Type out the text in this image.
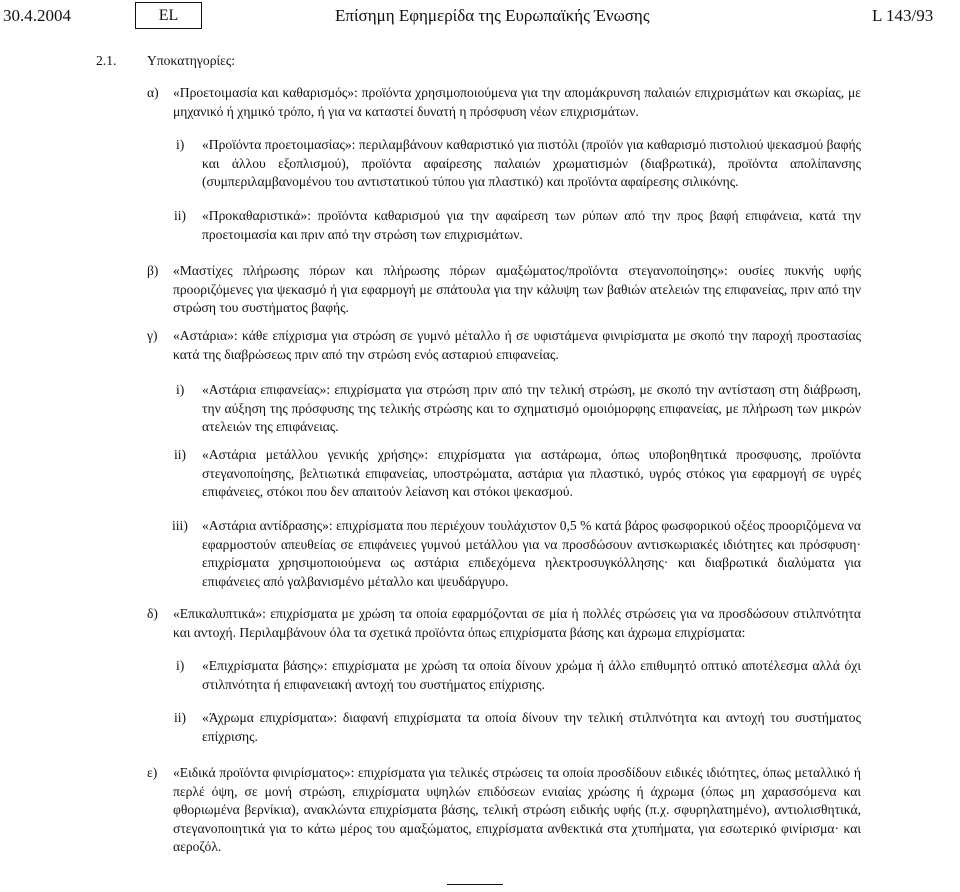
30.4.2004	EL	Επίσημη Εφημερίδα της Ευρωπαϊκής Ένωσης	L 143/93
2.1. Υποκατηγορίες:
α) «Προετοιμασία και καθαρισμός»: προϊόντα χρησιμοποιούμενα για την απομάκρυνση παλαιών επιχρισμάτων και σκωρίας, με μηχανικό ή χημικό τρόπο, ή για να καταστεί δυνατή η πρόσφυση νέων επιχρισμάτων.
i) «Προϊόντα προετοιμασίας»: περιλαμβάνουν καθαριστικό για πιστόλι (προϊόν για καθαρισμό πιστολιού ψεκασμού βαφής και άλλου εξοπλισμού), προϊόντα αφαίρεσης παλαιών χρωματισμών (διαβρωτικά), προϊόντα απολίπανσης (συμπεριλαμβανομένου του αντιστατικού τύπου για πλαστικό) και προϊόντα αφαίρεσης σιλικόνης.
ii) «Προκαθαριστικά»: προϊόντα καθαρισμού για την αφαίρεση των ρύπων από την προς βαφή επιφάνεια, κατά την προετοιμασία και πριν από την στρώση των επιχρισμάτων.
β) «Μαστίχες πλήρωσης πόρων και πλήρωσης πόρων αμαξώματος/προϊόντα στεγανοποίησης»: ουσίες πυκνής υφής προοριζόμενες για ψεκασμό ή για εφαρμογή με σπάτουλα για την κάλυψη των βαθιών ατελειών της επιφανείας, πριν από την στρώση του συστήματος βαφής.
γ) «Αστάρια»: κάθε επίχρισμα για στρώση σε γυμνό μέταλλο ή σε υφιστάμενα φινιρίσματα με σκοπό την παροχή προστασίας κατά της διαβρώσεως πριν από την στρώση ενός ασταριού επιφανείας.
i) «Αστάρια επιφανείας»: επιχρίσματα για στρώση πριν από την τελική στρώση, με σκοπό την αντίσταση στη διάβρωση, την αύξηση της πρόσφυσης της τελικής στρώσης και το σχηματισμό ομοιόμορφης επιφανείας, με πλήρωση των μικρών ατελειών της επιφάνειας.
ii) «Αστάρια μετάλλου γενικής χρήσης»: επιχρίσματα για αστάρωμα, όπως υποβοηθητικά προσφυσης, προϊόντα στεγανοποίησης, βελτιωτικά επιφανείας, υποστρώματα, αστάρια για πλαστικό, υγρός στόκος για εφαρμογή σε υγρές επιφάνειες, στόκοι που δεν απαιτούν λείανση και στόκοι ψεκασμού.
iii) «Αστάρια αντίδρασης»: επιχρίσματα που περιέχουν τουλάχιστον 0,5 % κατά βάρος φωσφορικού οξέος προοριζόμενα να εφαρμοστούν απευθείας σε επιφάνειες γυμνού μετάλλου για να προσδώσουν αντισκωριακές ιδιότητες και πρόσφυση· επιχρίσματα χρησιμοποιούμενα ως αστάρια επιδεχόμενα ηλεκτροσυγκόλλησης· και διαβρωτικά διαλύματα για επιφάνειες από γαλβανισμένο μέταλλο και ψευδάργυρο.
δ) «Επικαλυπτικά»: επιχρίσματα με χρώση τα οποία εφαρμόζονται σε μία ή πολλές στρώσεις για να προσδώσουν στιλπνότητα και αντοχή. Περιλαμβάνουν όλα τα σχετικά προϊόντα όπως επιχρίσματα βάσης και άχρωμα επιχρίσματα:
i) «Επιχρίσματα βάσης»: επιχρίσματα με χρώση τα οποία δίνουν χρώμα ή άλλο επιθυμητό οπτικό αποτέλεσμα αλλά όχι στιλπνότητα ή επιφανειακή αντοχή του συστήματος επίχρισης.
ii) «Άχρωμα επιχρίσματα»: διαφανή επιχρίσματα τα οποία δίνουν την τελική στιλπνότητα και αντοχή του συστήματος επίχρισης.
ε) «Ειδικά προϊόντα φινιρίσματος»: επιχρίσματα για τελικές στρώσεις τα οποία προσδίδουν ειδικές ιδιότητες, όπως μεταλλικό ή περλέ όψη, σε μονή στρώση, επιχρίσματα υψηλών επιδόσεων ενιαίας χρώσης ή άχρωμα (όπως μη χαρασσόμενα και φθοριωμένα βερνίκια), ανακλώντα επιχρίσματα βάσης, τελική στρώση ειδικής υφής (π.χ. σφυρηλατημένο), αντιολισθητικά, στεγανοποιητικά για το κάτω μέρος του αμαξώματος, επιχρίσματα ανθεκτικά στα χτυπήματα, για εσωτερικό φινίρισμα· και αεροζόλ.
